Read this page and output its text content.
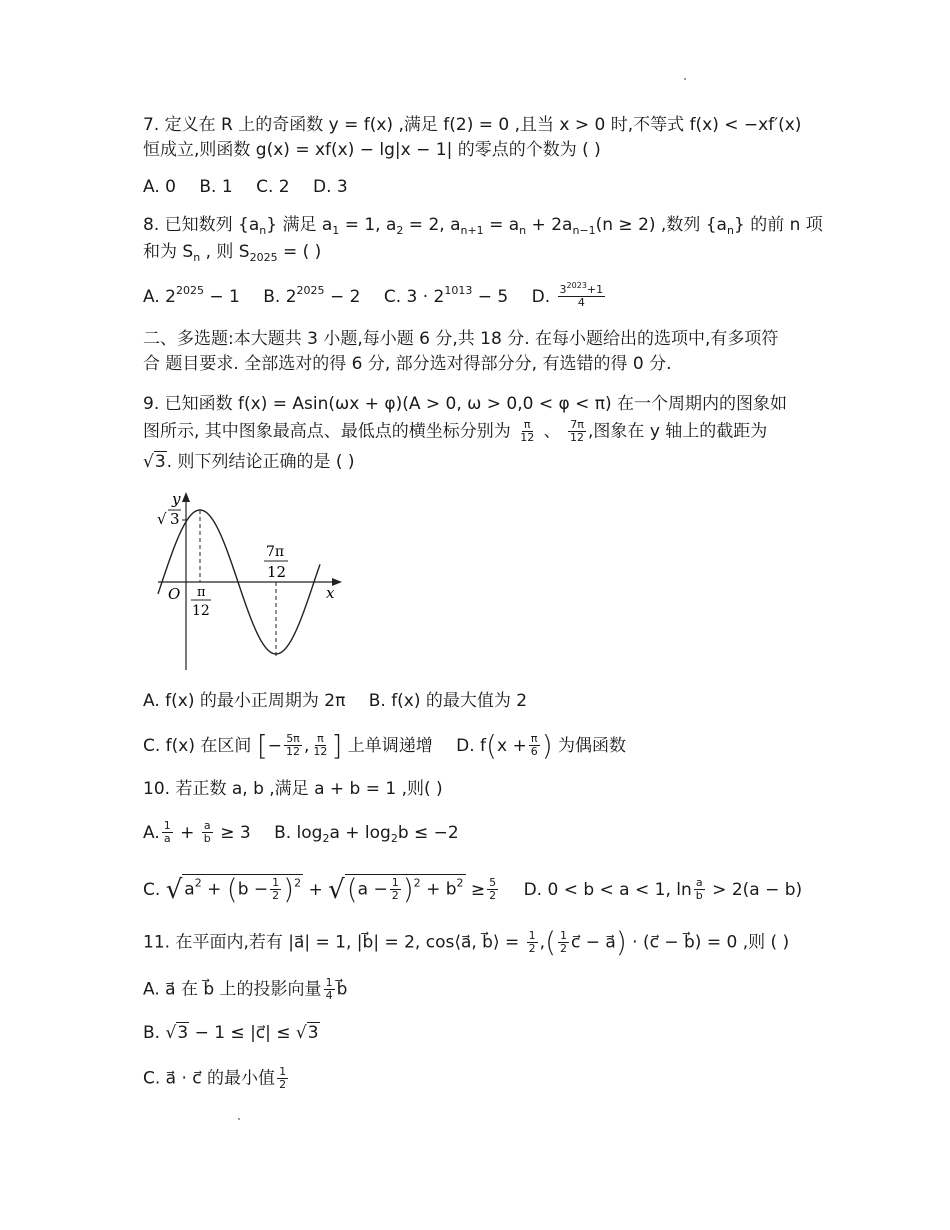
7. 定义在 R 上的奇函数 y = f(x) ,满足 f(2) = 0 ,且当 x > 0 时,不等式 f(x) < −xf′(x)
恒成立,则函数 g(x) = xf(x) − lg|x − 1| 的零点的个数为 ( )
A. 0 B. 1 C. 2 D. 3
8. 已知数列 $\{a_n\}$ 满足 $a_1 = 1$, $a_2 = 2$, $a_{n+1} = a_n + 2a_{n-1}(n \ge 2)$ ,数列 $\{a_n\}$ 的前 n 项
和为 $S_n$ , 则 $S_{2025}$ = ( )
A. $2^{2025} - 1$ B. $2^{2025} - 2$ C. $3 \cdot 2^{1013} - 5$ D. $\frac{3^{2023}+1}{4}$
二、多选题:本大题共 3 小题,每小题 6 分,共 18 分. 在每小题给出的选项中,有多项符
合 题目要求. 全部选对的得 6 分, 部分选对得部分分, 有选错的得 0 分.
9. 已知函数 f(x) = Asin(ωx + φ)(A > 0, ω > 0,0 < φ < π) 在一个周期内的图象如
图所示, 其中图象最高点、最低点的横坐标分别为 $\frac{\pi}{12}$ 、 $\frac{7\pi}{12}$ ,图象在 y 轴上的截距为
√3. 则下列结论正确的是 ( )
y
x
O
√ 3
π
12
7π
12
A. f(x) 的最小正周期为 2π B. f(x) 的最大值为 2
C. f(x) 在区间 [− $\frac{5\pi}{12}$ , $\frac{\pi}{12}$ ] 上单调递增 D. $f(x + \frac{\pi}{6}$ ) 为偶函数
10. 若正数 a, b ,满足 a + b = 1 ,则( )
A. $\frac{1}{a} + \frac{a}{b} \ge 3$ B. $\log_2a + \log_2b \le -2$
C. √ $a^2 + (b - \frac{1}{2} )^2 + √(a - \frac{1}{2} )^2 + b^2 \ge \frac{5}{2} D$. 0 < b < a < 1, $\ln \frac{a}{b} > 2(a - b)$
11. 在平面内,若有 |a⃗| = 1, |b⃗| = 2, cos⟨a⃗, b⃗⟩ = $\frac{1}{2}$ ,( $\frac{1}{2}$ c⃗ − a⃗) · (c⃗ − b⃗) = 0 ,则 ( )
A. a⃗ 在 b⃗ 上的投影向量 $\frac{1}{4}$ b⃗
B. √3 − 1 ≤ |c⃗| ≤ √3
C. a⃗ · c⃗ 的最小值 $\frac{1}{2}$
